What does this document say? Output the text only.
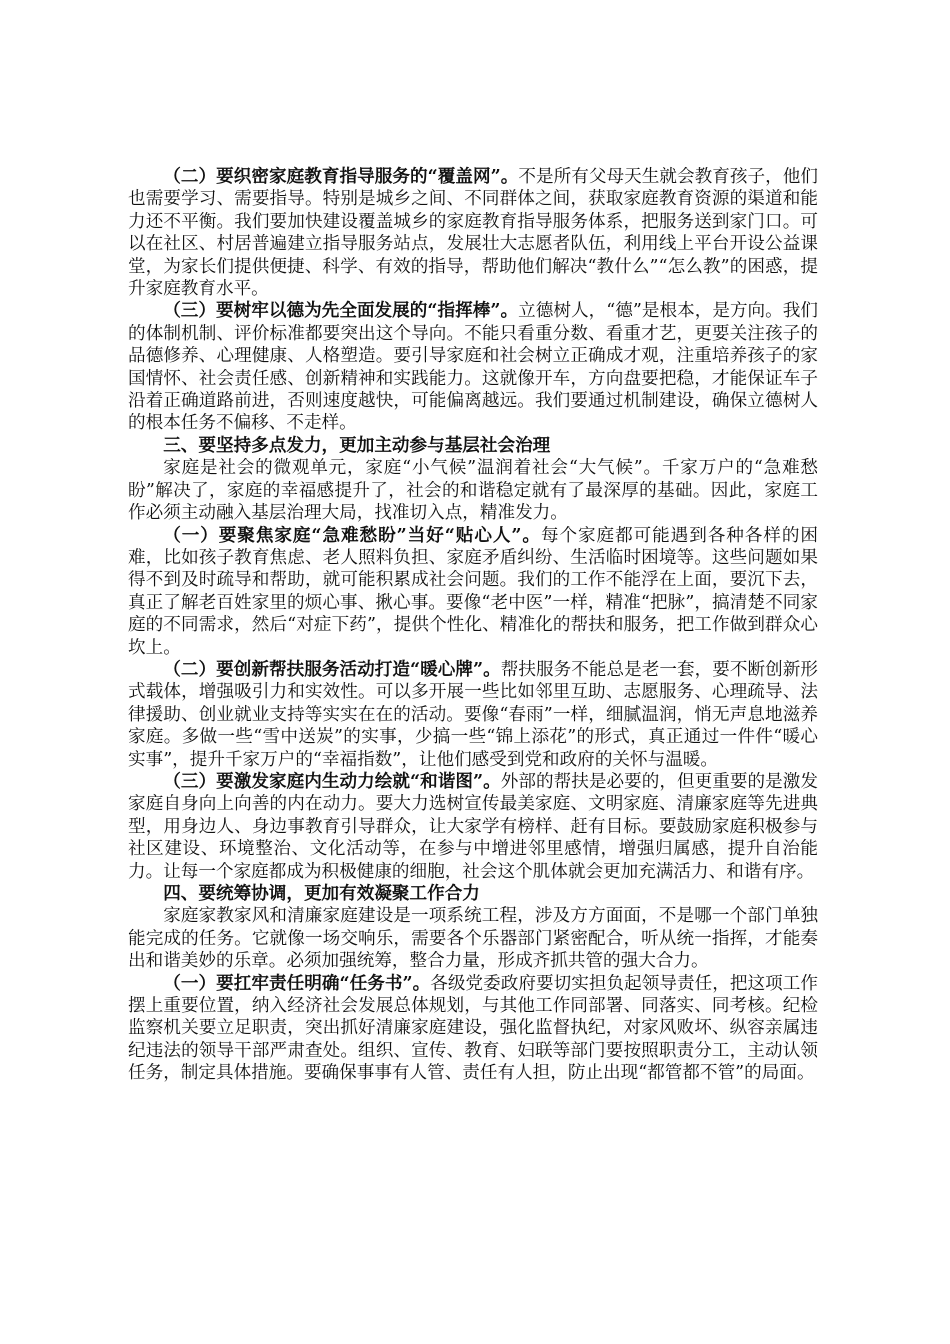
（二）要织密家庭教育指导服务的“覆盖网”。不是所有父母天生就会教育孩子，他们也需要学习、需要指导。特别是城乡之间、不同群体之间，获取家庭教育资源的渠道和能力还不平衡。我们要加快建设覆盖城乡的家庭教育指导服务体系，把服务送到家门口。可以在社区、村居普遍建立指导服务站点，发展壮大志愿者队伍，利用线上平台开设公益课堂，为家长们提供便捷、科学、有效的指导，帮助他们解决“教什么”“怎么教”的困惑，提升家庭教育水平。

（三）要树牢以德为先全面发展的“指挥棒”。立德树人，“德”是根本，是方向。我们的体制机制、评价标准都要突出这个导向。不能只看重分数、看重才艺，更要关注孩子的品德修养、心理健康、人格塑造。要引导家庭和社会树立正确成才观，注重培养孩子的家国情怀、社会责任感、创新精神和实践能力。这就像开车，方向盘要把稳，才能保证车子沿着正确道路前进，否则速度越快，可能偏离越远。我们要通过机制建设，确保立德树人的根本任务不偏移、不走样。

三、要坚持多点发力，更加主动参与基层社会治理

家庭是社会的微观单元，家庭“小气候”温润着社会“大气候”。千家万户的“急难愁盼”解决了，家庭的幸福感提升了，社会的和谐稳定就有了最深厚的基础。因此，家庭工作必须主动融入基层治理大局，找准切入点，精准发力。

（一）要聚焦家庭“急难愁盼”当好“贴心人”。每个家庭都可能遇到各种各样的困难，比如孩子教育焦虑、老人照料负担、家庭矛盾纠纷、生活临时困境等。这些问题如果得不到及时疏导和帮助，就可能积累成社会问题。我们的工作不能浮在上面，要沉下去，真正了解老百姓家里的烦心事、揪心事。要像“老中医”一样，精准“把脉”，搞清楚不同家庭的不同需求，然后“对症下药”，提供个性化、精准化的帮扶和服务，把工作做到群众心坎上。

（二）要创新帮扶服务活动打造“暖心牌”。帮扶服务不能总是老一套，要不断创新形式载体，增强吸引力和实效性。可以多开展一些比如邻里互助、志愿服务、心理疏导、法律援助、创业就业支持等实实在在的活动。要像“春雨”一样，细腻温润，悄无声息地滋养家庭。多做一些“雪中送炭”的实事，少搞一些“锦上添花”的形式，真正通过一件件“暖心实事”，提升千家万户的“幸福指数”，让他们感受到党和政府的关怀与温暖。

（三）要激发家庭内生动力绘就“和谐图”。外部的帮扶是必要的，但更重要的是激发家庭自身向上向善的内在动力。要大力选树宣传最美家庭、文明家庭、清廉家庭等先进典型，用身边人、身边事教育引导群众，让大家学有榜样、赶有目标。要鼓励家庭积极参与社区建设、环境整治、文化活动等，在参与中增进邻里感情，增强归属感，提升自治能力。让每一个家庭都成为积极健康的细胞，社会这个肌体就会更加充满活力、和谐有序。

四、要统筹协调，更加有效凝聚工作合力

家庭家教家风和清廉家庭建设是一项系统工程，涉及方方面面，不是哪一个部门单独能完成的任务。它就像一场交响乐，需要各个乐器部门紧密配合，听从统一指挥，才能奏出和谐美妙的乐章。必须加强统筹，整合力量，形成齐抓共管的强大合力。

（一）要扛牢责任明确“任务书”。各级党委政府要切实担负起领导责任，把这项工作摆上重要位置，纳入经济社会发展总体规划，与其他工作同部署、同落实、同考核。纪检监察机关要立足职责，突出抓好清廉家庭建设，强化监督执纪，对家风败坏、纵容亲属违纪违法的领导干部严肃查处。组织、宣传、教育、妇联等部门要按照职责分工，主动认领任务，制定具体措施。要确保事事有人管、责任有人担，防止出现“都管都不管”的局面。
